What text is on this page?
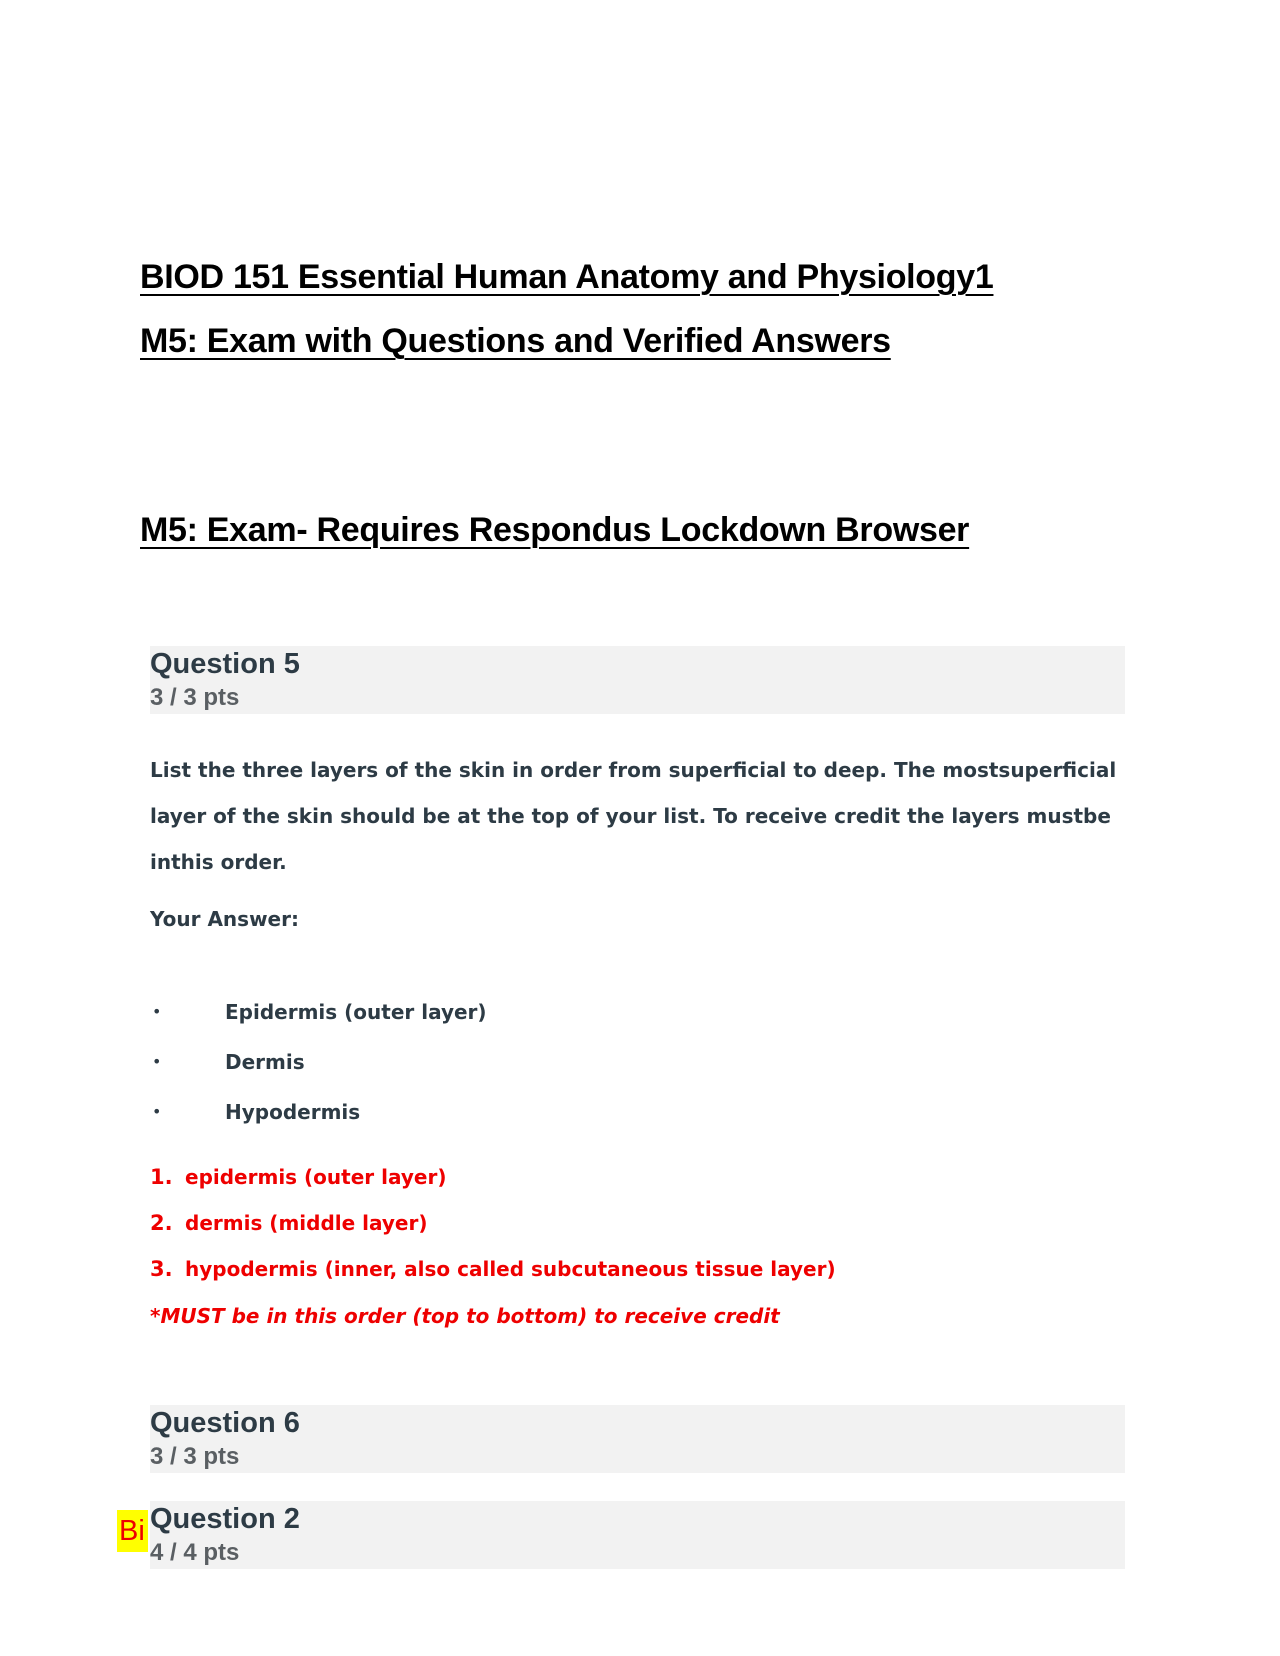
BIOD 151 Essential Human Anatomy and Physiology1
M5: Exam with Questions and Verified Answers
M5: Exam- Requires Respondus Lockdown Browser
Question 5
3 / 3 pts
List the three layers of the skin in order from superficial to deep. The mostsuperficial
layer of the skin should be at the top of your list. To receive credit the layers mustbe
inthis order.
Your Answer:
•	Epidermis (outer layer)
•	Dermis
•	Hypodermis
1. epidermis (outer layer)
2. dermis (middle layer)
3. hypodermis (inner, also called subcutaneous tissue layer)
*MUST be in this order (top to bottom) to receive credit
Question 6
3 / 3 pts
Question 2
4 / 4 pts
Bi
